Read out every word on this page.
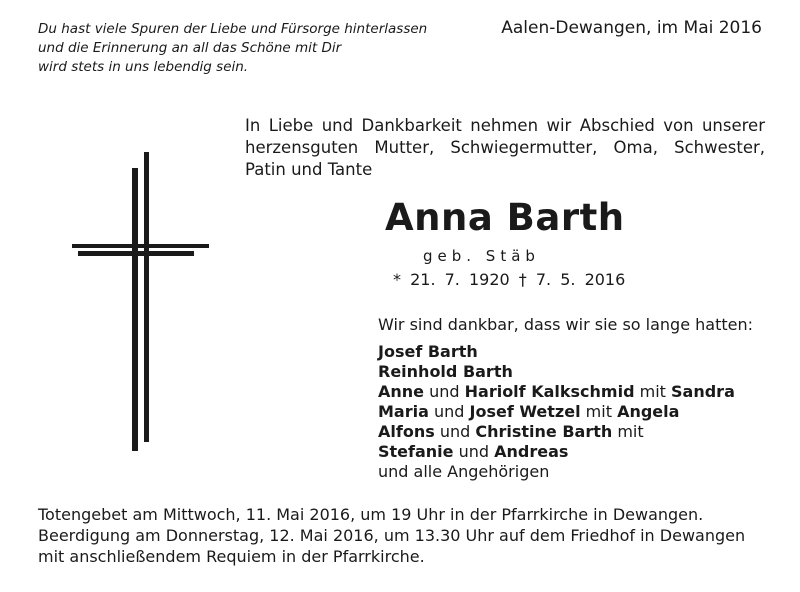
Du hast viele Spuren der Liebe und Fürsorge hinterlassen
und die Erinnerung an all das Schöne mit Dir
wird stets in uns lebendig sein.
Aalen-Dewangen, im Mai 2016
In Liebe und Dankbarkeit nehmen wir Abschied von unserer herzensguten Mutter, Schwiegermutter, Oma, Schwester, Patin und Tante
Anna Barth
geb. Stäb
* 21. 7. 1920 † 7. 5. 2016
Wir sind dankbar, dass wir sie so lange hatten:
Josef Barth
Reinhold Barth
Anne und Hariolf Kalkschmid mit Sandra
Maria und Josef Wetzel mit Angela
Alfons und Christine Barth mit
Stefanie und Andreas
und alle Angehörigen
Totengebet am Mittwoch, 11. Mai 2016, um 19 Uhr in der Pfarrkirche in Dewangen.
Beerdigung am Donnerstag, 12. Mai 2016, um 13.30 Uhr auf dem Friedhof in Dewangen
mit anschließendem Requiem in der Pfarrkirche.
